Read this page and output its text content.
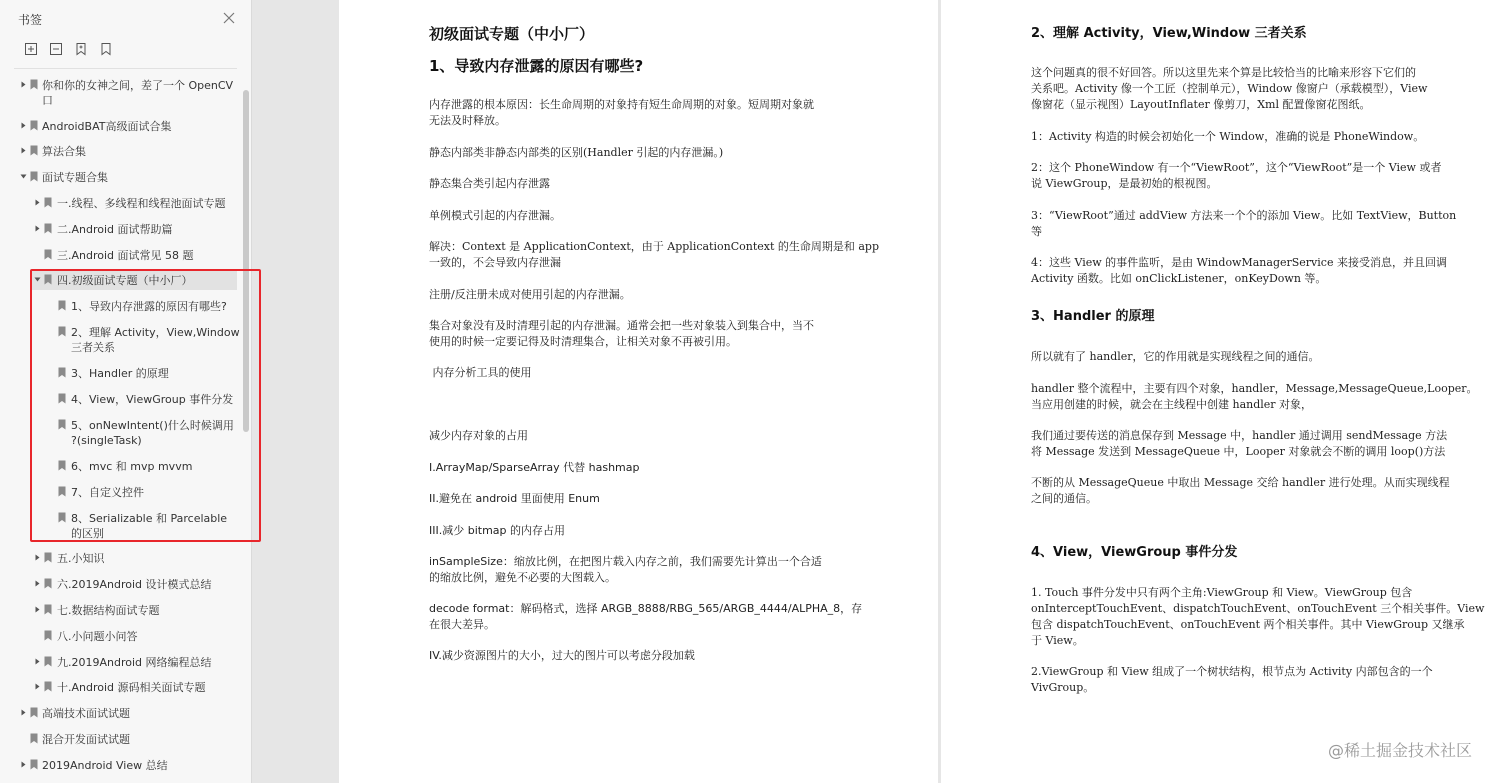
书签
你和你的女神之间，差了一个 OpenCV
口
AndroidBAT高级面试合集
算法合集
面试专题合集
一.线程、多线程和线程池面试专题
二.Android 面试帮助篇
三.Android 面试常见 58 题
四.初级面试专题（中小厂）
1、导致内存泄露的原因有哪些?
2、理解 Activity，View,Window
三者关系
3、Handler 的原理
4、View，ViewGroup 事件分发
5、onNewIntent()什么时候调用
?(singleTask)
6、mvc 和 mvp mvvm
7、自定义控件
8、Serializable 和 Parcelable
的区别
五.小知识
六.2019Android 设计模式总结
七.数据结构面试专题
八.小问题小问答
九.2019Android 网络编程总结
十.Android 源码相关面试专题
高端技术面试试题
混合开发面试试题
2019Android View 总结
初级面试专题（中小厂）
1、导致内存泄露的原因有哪些?
内存泄露的根本原因：长生命周期的对象持有短生命周期的对象。短周期对象就
无法及时释放。
静态内部类非静态内部类的区别(Handler 引起的内存泄漏。)
静态集合类引起内存泄露
单例模式引起的内存泄漏。
解决：Context 是 ApplicationContext，由于 ApplicationContext 的生命周期是和 app
一致的，不会导致内存泄漏
注册/反注册未成对使用引起的内存泄漏。
集合对象没有及时清理引起的内存泄漏。通常会把一些对象装入到集合中，当不
使用的时候一定要记得及时清理集合，让相关对象不再被引用。
内存分析工具的使用
减少内存对象的占用
I.ArrayMap/SparseArray 代替 hashmap
II.避免在 android 里面使用 Enum
III.减少 bitmap 的内存占用
inSampleSize：缩放比例，在把图片载入内存之前，我们需要先计算出一个合适
的缩放比例，避免不必要的大图载入。
decode format：解码格式，选择 ARGB_8888/RBG_565/ARGB_4444/ALPHA_8，存
在很大差异。
IV.减少资源图片的大小，过大的图片可以考虑分段加载
2、理解 Activity，View,Window 三者关系
这个问题真的很不好回答。所以这里先来个算是比较恰当的比喻来形容下它们的
关系吧。Activity 像一个工匠（控制单元），Window 像窗户（承载模型），View
像窗花（显示视图）LayoutInflater 像剪刀，Xml 配置像窗花图纸。
1：Activity 构造的时候会初始化一个 Window，准确的说是 PhoneWindow。
2：这个 PhoneWindow 有一个“ViewRoot”，这个“ViewRoot”是一个 View 或者
说 ViewGroup，是最初始的根视图。
3：“ViewRoot”通过 addView 方法来一个个的添加 View。比如 TextView，Button
等
4：这些 View 的事件监听，是由 WindowManagerService 来接受消息，并且回调
Activity 函数。比如 onClickListener，onKeyDown 等。
3、Handler 的原理
所以就有了 handler，它的作用就是实现线程之间的通信。
handler 整个流程中，主要有四个对象，handler，Message,MessageQueue,Looper。
当应用创建的时候，就会在主线程中创建 handler 对象，
我们通过要传送的消息保存到 Message 中，handler 通过调用 sendMessage 方法
将 Message 发送到 MessageQueue 中，Looper 对象就会不断的调用 loop()方法
不断的从 MessageQueue 中取出 Message 交给 handler 进行处理。从而实现线程
之间的通信。
4、View，ViewGroup 事件分发
1. Touch 事件分发中只有两个主角:ViewGroup 和 View。ViewGroup 包含
onInterceptTouchEvent、dispatchTouchEvent、onTouchEvent 三个相关事件。View
包含 dispatchTouchEvent、onTouchEvent 两个相关事件。其中 ViewGroup 又继承
于 View。
2.ViewGroup 和 View 组成了一个树状结构，根节点为 Activity 内部包含的一个
VivGroup。
@稀土掘金技术社区
